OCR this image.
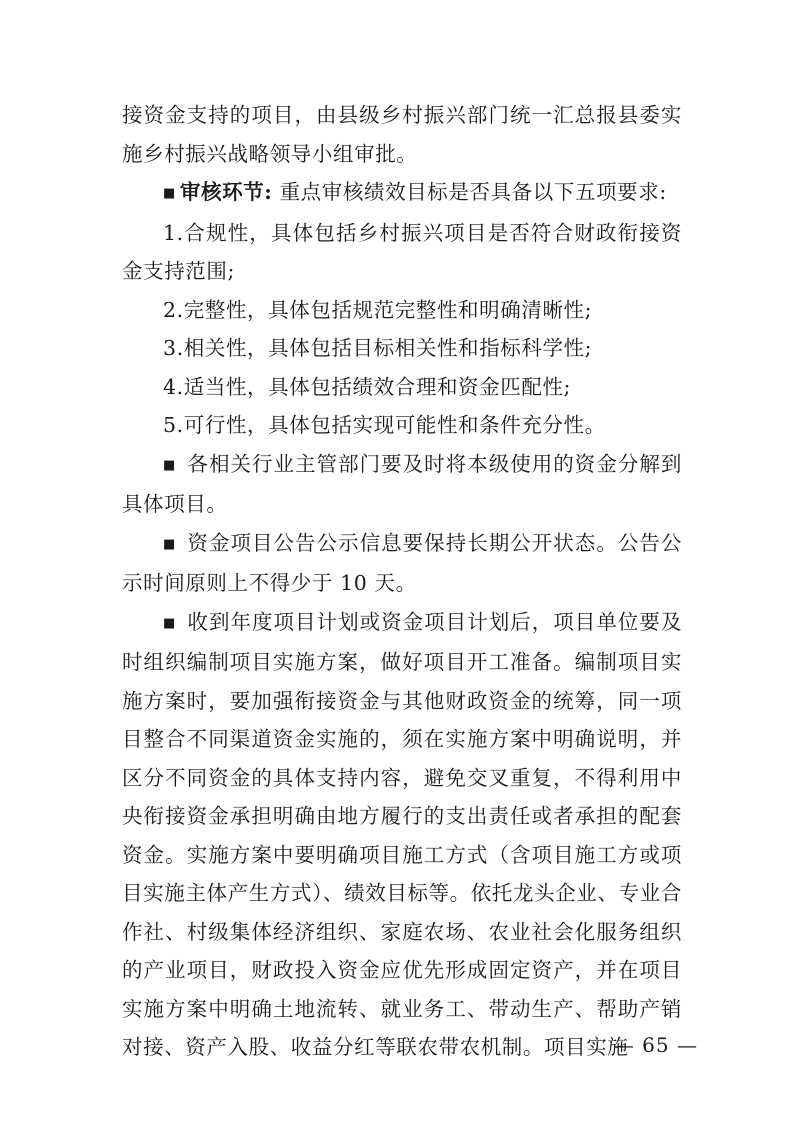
接资金支持的项目，由县级乡村振兴部门统一汇总报县委实施乡村振兴战略领导小组审批。

■ 审核环节: 重点审核绩效目标是否具备以下五项要求:

1.合规性，具体包括乡村振兴项目是否符合财政衔接资金支持范围;

2.完整性，具体包括规范完整性和明确清晰性;

3.相关性，具体包括目标相关性和指标科学性;

4.适当性，具体包括绩效合理和资金匹配性;

5.可行性，具体包括实现可能性和条件充分性。

■ 各相关行业主管部门要及时将本级使用的资金分解到具体项目。

■ 资金项目公告公示信息要保持长期公开状态。公告公示时间原则上不得少于 10 天。

■ 收到年度项目计划或资金项目计划后，项目单位要及时组织编制项目实施方案，做好项目开工准备。编制项目实施方案时，要加强衔接资金与其他财政资金的统筹，同一项目整合不同渠道资金实施的，须在实施方案中明确说明，并区分不同资金的具体支持内容，避免交叉重复，不得利用中央衔接资金承担明确由地方履行的支出责任或者承担的配套资金。实施方案中要明确项目施工方式（含项目施工方或项目实施主体产生方式）、绩效目标等。依托龙头企业、专业合作社、村级集体经济组织、家庭农场、农业社会化服务组织的产业项目，财政投入资金应优先形成固定资产，并在项目实施方案中明确土地流转、就业务工、带动生产、帮助产销对接、资产入股、收益分红等联农带农机制。项目实施

— 65 —
